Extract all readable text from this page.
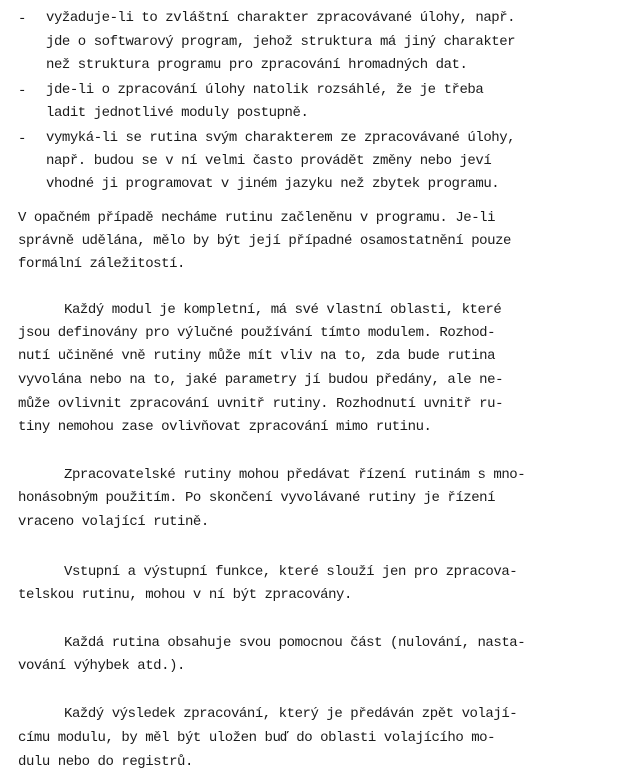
- vyžaduje-li to zvláštní charakter zpracovávané úlohy, např.
jde o softwarový program, jehož struktura má jiný charakter
než struktura programu pro zpracování hromadných dat.
- jde-li o zpracování úlohy natolik rozsáhlé, že je třeba
ladit jednotlivé moduly postupně.
- vymyká-li se rutina svým charakterem ze zpracovávané úlohy,
např. budou se v ní velmi často provádět změny nebo jeví
vhodné ji programovat v jiném jazyku než zbytek programu.
V opačném případě necháme rutinu začleněnu v programu. Je-li
správně udělána, mělo by být její případné osamostatnění pouze
formální záležitostí.
Každý modul je kompletní, má své vlastní oblasti, které
jsou definovány pro výlučné používání tímto modulem. Rozhod-
nutí učiněné vně rutiny může mít vliv na to, zda bude rutina
vyvolána nebo na to, jaké parametry jí budou předány, ale ne-
může ovlivnit zpracování uvnitř rutiny. Rozhodnutí uvnitř ru-
tiny nemohou zase ovlivňovat zpracování mimo rutinu.
Zpracovatelské rutiny mohou předávat řízení rutinám s mno-
honásobným použitím. Po skončení vyvolávané rutiny je řízení
vraceno volající rutině.
Vstupní a výstupní funkce, které slouží jen pro zpracova-
telskou rutinu, mohou v ní být zpracovány.
Každá rutina obsahuje svou pomocnou část (nulování, nasta-
vování výhybek atd.).
Každý výsledek zpracování, který je předáván zpět volají-
címu modulu, by měl být uložen buď do oblasti volajícího mo-
dulu nebo do registrů.
